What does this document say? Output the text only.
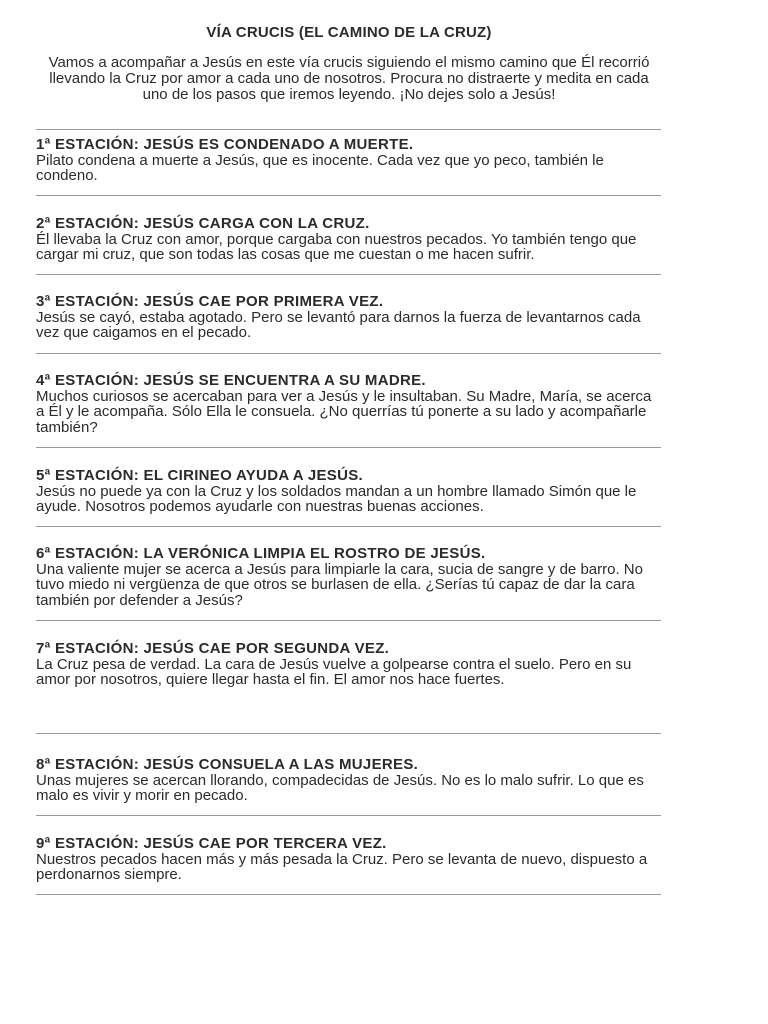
VÍA CRUCIS (EL CAMINO DE LA CRUZ)

Vamos a acompañar a Jesús en este vía crucis siguiendo el mismo camino que Él recorrió llevando la Cruz por amor a cada uno de nosotros. Procura no distraerte y medita en cada uno de los pasos que iremos leyendo. ¡No dejes solo a Jesús!

1ª ESTACIÓN: JESÚS ES CONDENADO A MUERTE.
Pilato condena a muerte a Jesús, que es inocente. Cada vez que yo peco, también le condeno.
2ª ESTACIÓN: JESÚS CARGA CON LA CRUZ.
Él llevaba la Cruz con amor, porque cargaba con nuestros pecados. Yo también tengo que cargar mi cruz, que son todas las cosas que me cuestan o me hacen sufrir.
3ª ESTACIÓN: JESÚS CAE POR PRIMERA VEZ.
Jesús se cayó, estaba agotado. Pero se levantó para darnos la fuerza de levantarnos cada vez que caigamos en el pecado.
4ª ESTACIÓN: JESÚS SE ENCUENTRA A SU MADRE.
Muchos curiosos se acercaban para ver a Jesús y le insultaban. Su Madre, María, se acerca a Él y le acompaña. Sólo Ella le consuela. ¿No querrías tú ponerte a su lado y acompañarle también?
5ª ESTACIÓN: EL CIRINEO AYUDA A JESÚS.
Jesús no puede ya con la Cruz y los soldados mandan a un hombre llamado Simón que le ayude. Nosotros podemos ayudarle con nuestras buenas acciones.
6ª ESTACIÓN: LA VERÓNICA LIMPIA EL ROSTRO DE JESÚS.
Una valiente mujer se acerca a Jesús para limpiarle la cara, sucia de sangre y de barro. No tuvo miedo ni vergüenza de que otros se burlasen de ella. ¿Serías tú capaz de dar la cara también por defender a Jesús?
7ª ESTACIÓN: JESÚS CAE POR SEGUNDA VEZ.
La Cruz pesa de verdad. La cara de Jesús vuelve a golpearse contra el suelo. Pero en su amor por nosotros, quiere llegar hasta el fin. El amor nos hace fuertes.
8ª ESTACIÓN: JESÚS CONSUELA A LAS MUJERES.
Unas mujeres se acercan llorando, compadecidas de Jesús. No es lo malo sufrir. Lo que es malo es vivir y morir en pecado.
9ª ESTACIÓN: JESÚS CAE POR TERCERA VEZ.
Nuestros pecados hacen más y más pesada la Cruz. Pero se levanta de nuevo, dispuesto a perdonarnos siempre.
